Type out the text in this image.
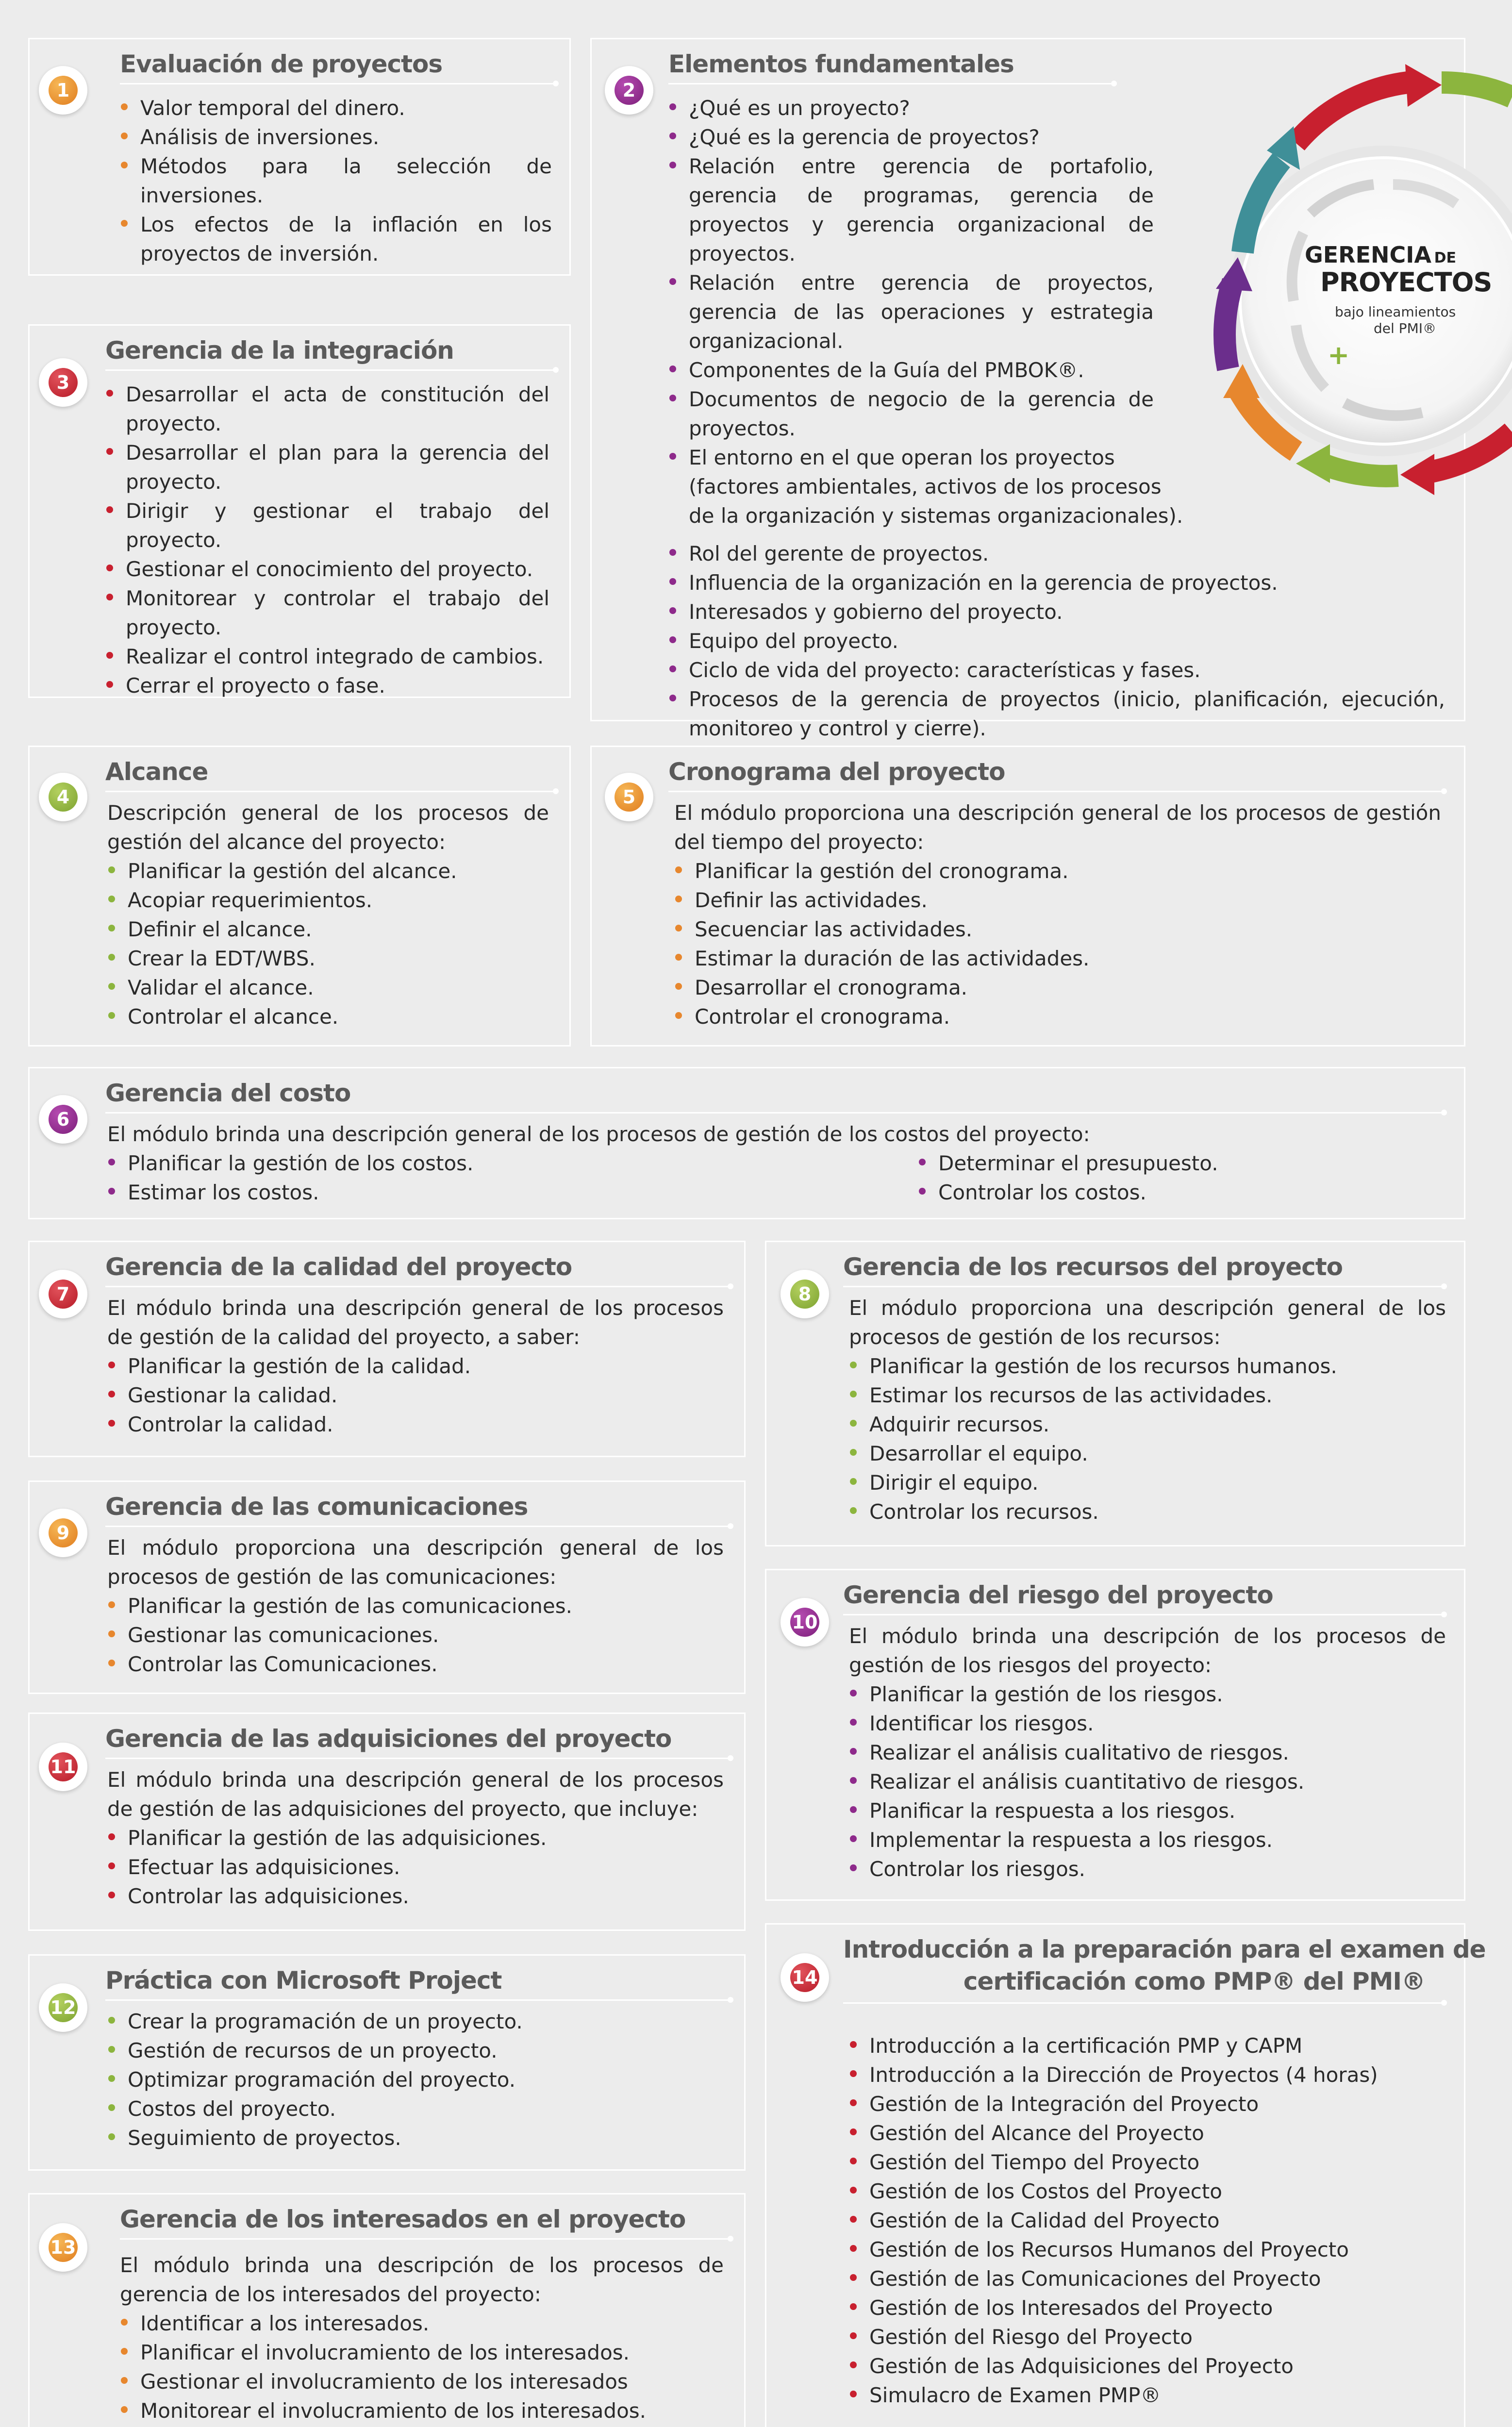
Evaluación de proyectos
Valor temporal del dinero.
Análisis de inversiones.
Métodos para la selección de inversiones.
Los efectos de la inflación en los proyectos de inversión.
1
Elementos fundamentales
¿Qué es un proyecto?
¿Qué es la gerencia de proyectos?
Relación entre gerencia de portafolio, gerencia de programas, gerencia de proyectos y gerencia organizacional de proyectos.
Relación entre gerencia de proyectos, gerencia de las operaciones y estrategia organizacional.
Componentes de la Guía del PMBOK®.
Documentos de negocio de la gerencia de proyectos.
El entorno en el que operan los proyectos (factores ambientales, activos de los procesos de la organización y sistemas organizacionales).
Rol del gerente de proyectos.
Influencia de la organización en la gerencia de proyectos.
Interesados y gobierno del proyecto.
Equipo del proyecto.
Ciclo de vida del proyecto: características y fases.
Procesos de la gerencia de proyectos (inicio, planificación, ejecución, monitoreo y control y cierre).
2
GERENCIA DE
PROYECTOS
bajo lineamientos
del PMI®
+
Gerencia de la integración
Desarrollar el acta de constitución del proyecto.
Desarrollar el plan para la gerencia del proyecto.
Dirigir y gestionar el trabajo del proyecto.
Gestionar el conocimiento del proyecto.
Monitorear y controlar el trabajo del proyecto.
Realizar el control integrado de cambios.
Cerrar el proyecto o fase.
3
Alcance

Descripción general de los procesos de gestión del alcance del proyecto:

Planificar la gestión del alcance.
Acopiar requerimientos.
Definir el alcance.
Crear la EDT/WBS.
Validar el alcance.
Controlar el alcance.
4
Cronograma del proyecto

El módulo proporciona una descripción general de los procesos de gestión del tiempo del proyecto:

Planificar la gestión del cronograma.
Definir las actividades.
Secuenciar las actividades.
Estimar la duración de las actividades.
Desarrollar el cronograma.
Controlar el cronograma.
5
Gerencia del costo

El módulo brinda una descripción general de los procesos de gestión de los costos del proyecto:

Planificar la gestión de los costos.
Estimar los costos.
Determinar el presupuesto.
Controlar los costos.
6
Gerencia de la calidad del proyecto

El módulo brinda una descripción general de los procesos de gestión de la calidad del proyecto, a saber:

Planificar la gestión de la calidad.
Gestionar la calidad.
Controlar la calidad.
7
Gerencia de los recursos del proyecto

El módulo proporciona una descripción general de los procesos de gestión de los recursos:

Planificar la gestión de los recursos humanos.
Estimar los recursos de las actividades.
Adquirir recursos.
Desarrollar el equipo.
Dirigir el equipo.
Controlar los recursos.
8
Gerencia de las comunicaciones

El módulo proporciona una descripción general de los procesos de gestión de las comunicaciones:

Planificar la gestión de las comunicaciones.
Gestionar las comunicaciones.
Controlar las Comunicaciones.
9
Gerencia del riesgo del proyecto

El módulo brinda una descripción de los procesos de gestión de los riesgos del proyecto:

Planificar la gestión de los riesgos.
Identificar los riesgos.
Realizar el análisis cualitativo de riesgos.
Realizar el análisis cuantitativo de riesgos.
Planificar la respuesta a los riesgos.
Implementar la respuesta a los riesgos.
Controlar los riesgos.
10
Gerencia de las adquisiciones del proyecto

El módulo brinda una descripción general de los procesos de gestión de las adquisiciones del proyecto, que incluye:

Planificar la gestión de las adquisiciones.
Efectuar las adquisiciones.
Controlar las adquisiciones.
11
Práctica con Microsoft Project
Crear la programación de un proyecto.
Gestión de recursos de un proyecto.
Optimizar programación del proyecto.
Costos del proyecto.
Seguimiento de proyectos.
12
Gerencia de los interesados en el proyecto

El módulo brinda una descripción de los procesos de gerencia de los interesados del proyecto:

Identificar a los interesados.
Planificar el involucramiento de los interesados.
Gestionar el involucramiento de los interesados
Monitorear el involucramiento de los interesados.
13
Introducción a la preparación para el examen de
certificación como PMP® del PMI®
Introducción a la certificación PMP y CAPM
Introducción a la Dirección de Proyectos (4 horas)
Gestión de la Integración del Proyecto
Gestión del Alcance del Proyecto
Gestión del Tiempo del Proyecto
Gestión de los Costos del Proyecto
Gestión de la Calidad del Proyecto
Gestión de los Recursos Humanos del Proyecto
Gestión de las Comunicaciones del Proyecto
Gestión de los Interesados del Proyecto
Gestión del Riesgo del Proyecto
Gestión de las Adquisiciones del Proyecto
Simulacro de Examen PMP®
14
